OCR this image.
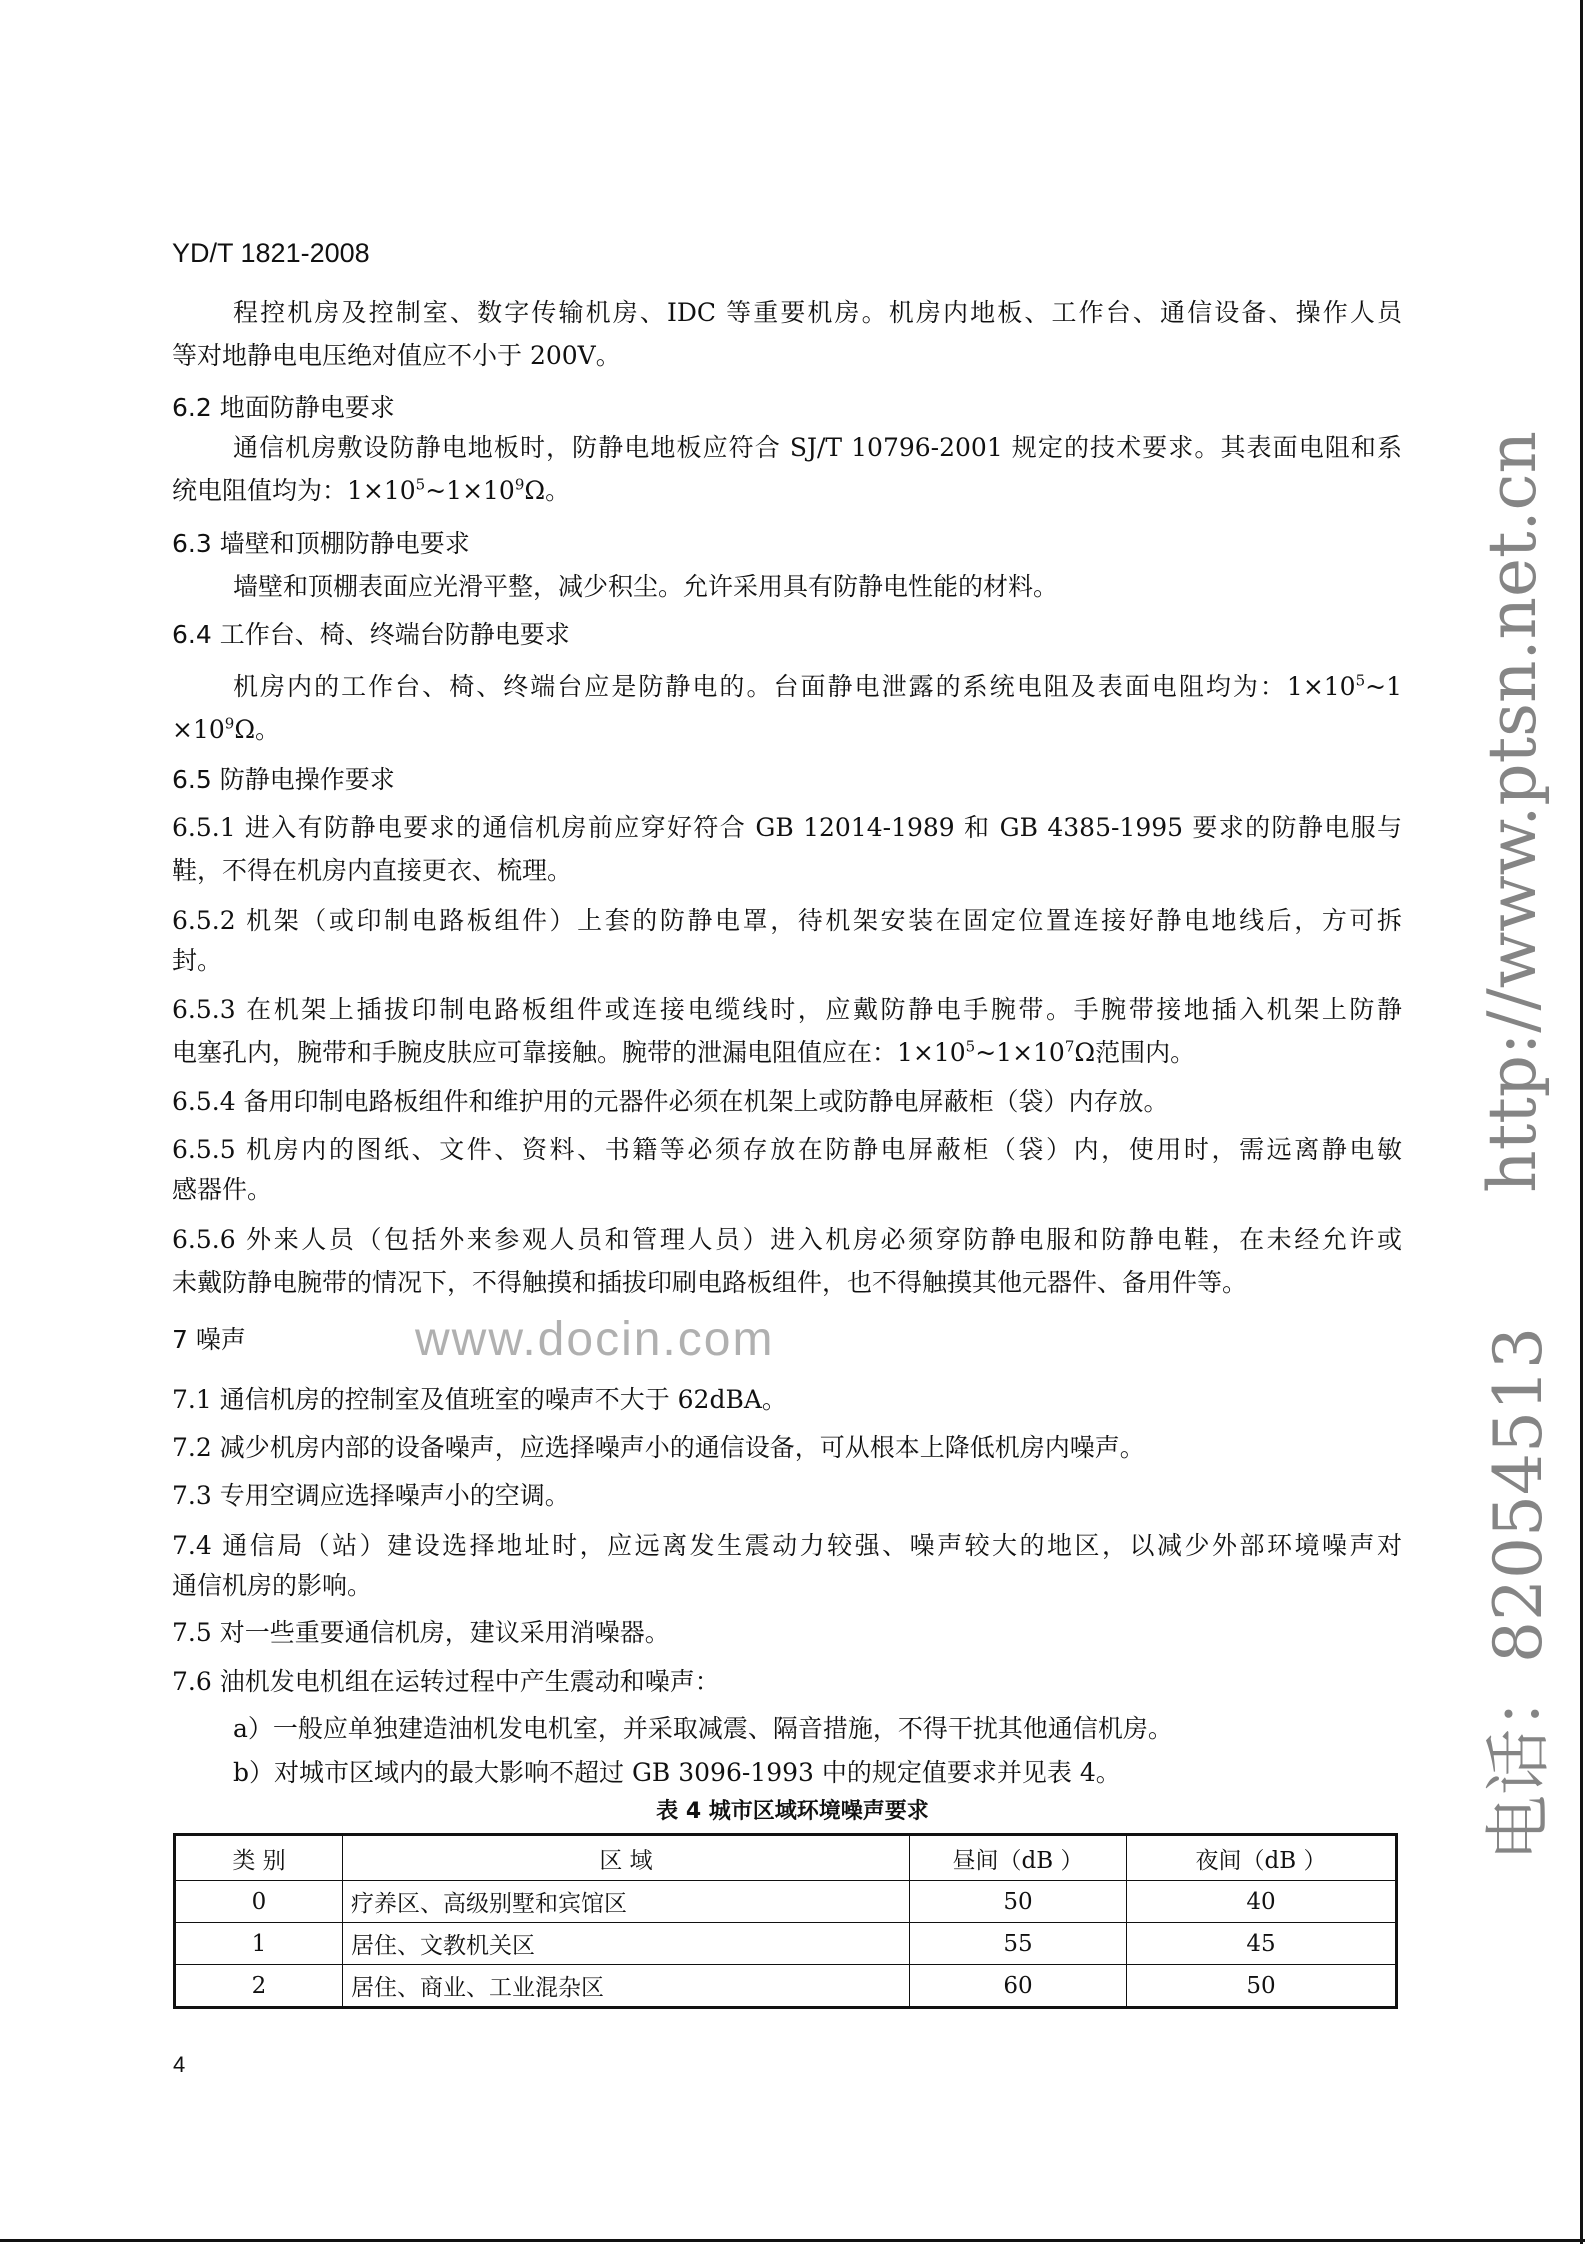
YD/T 1821-2008
程控机房及控制室、数字传输机房、IDC 等重要机房。机房内地板、工作台、通信设备、操作人员
等对地静电电压绝对值应不小于 200V。
6.2 地面防静电要求
通信机房敷设防静电地板时，防静电地板应符合 SJ/T 10796-2001 规定的技术要求。其表面电阻和系
统电阻值均为：$1\times 10^5\sim 1\times 10^9\Omega$。
6.3 墙壁和顶棚防静电要求
墙壁和顶棚表面应光滑平整，减少积尘。允许采用具有防静电性能的材料。
6.4 工作台、椅、终端台防静电要求
机房内的工作台、椅、终端台应是防静电的。台面静电泄露的系统电阻及表面电阻均为：$1\times 10^5\sim 1$
$\times 10^9\Omega$。
6.5 防静电操作要求
6.5.1 进入有防静电要求的通信机房前应穿好符合 GB 12014-1989 和 GB 4385-1995 要求的防静电服与
鞋，不得在机房内直接更衣、梳理。
6.5.2 机架（或印制电路板组件）上套的防静电罩，待机架安装在固定位置连接好静电地线后，方可拆
封。
6.5.3 在机架上插拔印制电路板组件或连接电缆线时，应戴防静电手腕带。手腕带接地插入机架上防静
电塞孔内，腕带和手腕皮肤应可靠接触。腕带的泄漏电阻值应在：$1\times 10^5\sim 1\times 10^7\Omega$范围内。
6.5.4 备用印制电路板组件和维护用的元器件必须在机架上或防静电屏蔽柜（袋）内存放。
6.5.5 机房内的图纸、文件、资料、书籍等必须存放在防静电屏蔽柜（袋）内，使用时，需远离静电敏
感器件。
6.5.6 外来人员（包括外来参观人员和管理人员）进入机房必须穿防静电服和防静电鞋，在未经允许或
未戴防静电腕带的情况下，不得触摸和插拔印刷电路板组件，也不得触摸其他元器件、备用件等。
7 噪声
7.1 通信机房的控制室及值班室的噪声不大于 62dBA。
7.2 减少机房内部的设备噪声，应选择噪声小的通信设备，可从根本上降低机房内噪声。
7.3 专用空调应选择噪声小的空调。
7.4 通信局（站）建设选择地址时，应远离发生震动力较强、噪声较大的地区，以减少外部环境噪声对
通信机房的影响。
7.5 对一些重要通信机房，建议采用消噪器。
7.6 油机发电机组在运转过程中产生震动和噪声：
a）一般应单独建造油机发电机室，并采取减震、隔音措施，不得干扰其他通信机房。
b）对城市区域内的最大影响不超过 GB 3096-1993 中的规定值要求并见表 4。
表 4 城市区域环境噪声要求
类 别	区 域	昼间（dB ）	夜间（dB ）
0	疗养区、高级别墅和宾馆区	50	40
1	居住、文教机关区	55	45
2	居住、商业、工业混杂区	60	50
4
www.docin.com	电话：82054513
http://www.ptsn.net.cn
